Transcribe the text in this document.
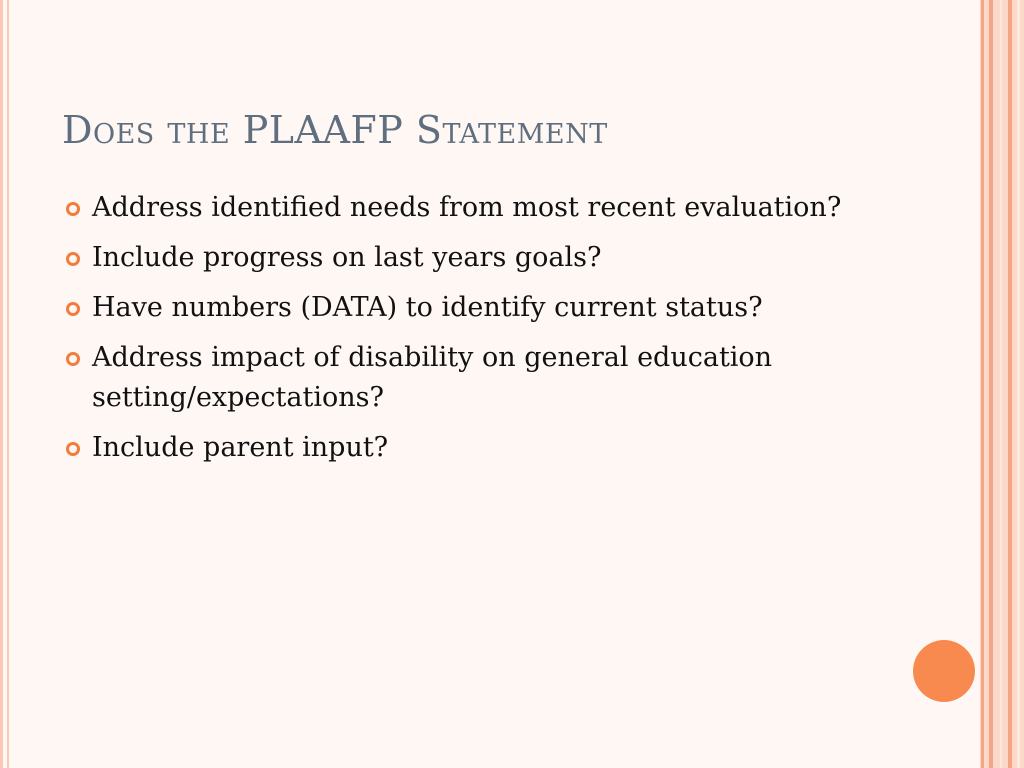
Does the PLAAFP Statement
Address identified needs from most recent evaluation?
Include progress on last years goals?
Have numbers (DATA) to identify current status?
Address impact of disability on general education setting/expectations?
Include parent input?
